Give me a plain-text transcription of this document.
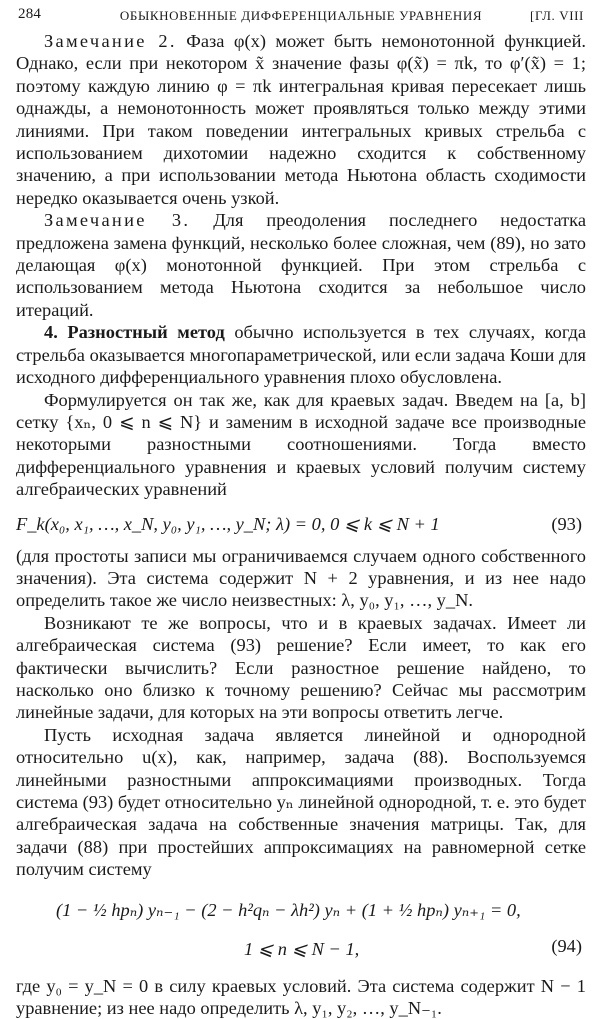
284	ОБЫКНОВЕННЫЕ ДИФФЕРЕНЦИАЛЬНЫЕ УРАВНЕНИЯ	[ГЛ. VIII

Замечание 2. Фаза φ(x) может быть немонотонной функцией. Однако, если при некотором x̃ значение фазы φ(x̃) = πk, то φ′(x̃) = 1; поэтому каждую линию φ = πk интегральная кривая пересекает лишь однажды, а немонотонность может проявляться только между этими линиями. При таком поведении интегральных кривых стрельба с использованием дихотомии надежно сходится к собственному значению, а при использовании метода Ньютона область сходимости нередко оказывается очень узкой.

Замечание 3. Для преодоления последнего недостатка предложена замена функций, несколько более сложная, чем (89), но зато делающая φ(x) монотонной функцией. При этом стрельба с использованием метода Ньютона сходится за небольшое число итераций.

4. Разностный метод обычно используется в тех случаях, когда стрельба оказывается многопараметрической, или если задача Коши для исходного дифференциального уравнения плохо обусловлена.

Формулируется он так же, как для краевых задач. Введем на [a, b] сетку {xₙ, 0 ⩽ n ⩽ N} и заменим в исходной задаче все производные некоторыми разностными соотношениями. Тогда вместо дифференциального уравнения и краевых условий получим систему алгебраических уравнений

F_k(x₀, x₁, …, x_N, y₀, y₁, …, y_N; λ) = 0, 0 ⩽ k ⩽ N + 1	(93)

(для простоты записи мы ограничиваемся случаем одного собственного значения). Эта система содержит N + 2 уравнения, и из нее надо определить такое же число неизвестных: λ, y₀, y₁, …, y_N.

Возникают те же вопросы, что и в краевых задачах. Имеет ли алгебраическая система (93) решение? Если имеет, то как его фактически вычислить? Если разностное решение найдено, то насколько оно близко к точному решению? Сейчас мы рассмотрим линейные задачи, для которых на эти вопросы ответить легче.

Пусть исходная задача является линейной и однородной относительно u(x), как, например, задача (88). Воспользуемся линейными разностными аппроксимациями производных. Тогда система (93) будет относительно yₙ линейной однородной, т. е. это будет алгебраическая задача на собственные значения матрицы. Так, для задачи (88) при простейших аппроксимациях на равномерной сетке получим систему

(1 − ½ hpₙ) yₙ₋₁ − (2 − h²qₙ − λh²) yₙ + (1 + ½ hpₙ) yₙ₊₁ = 0,
1 ⩽ n ⩽ N − 1,	(94)

где y₀ = y_N = 0 в силу краевых условий. Эта система содержит N − 1 уравнение; из нее надо определить λ, y₁, y₂, …, y_N₋₁.
